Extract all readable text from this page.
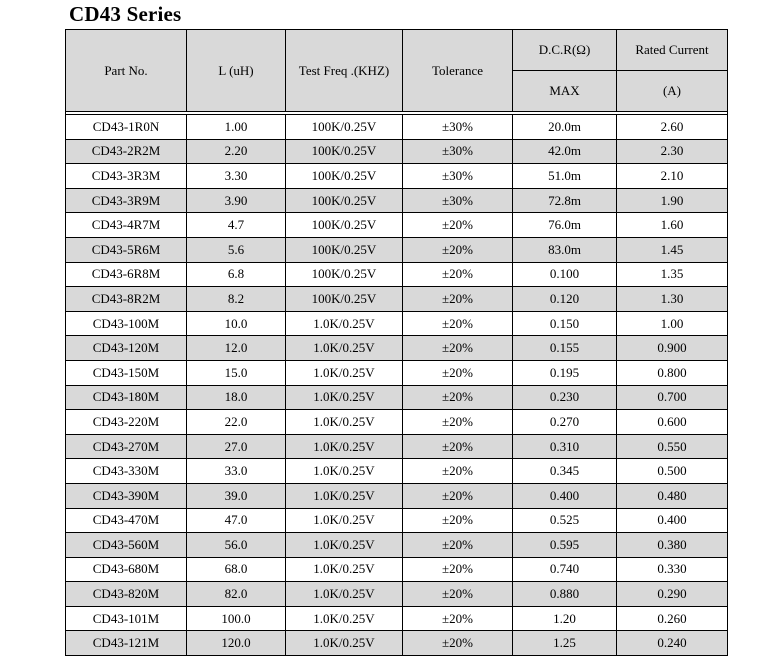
CD43 Series
Part No.	L (uH)	Test Freq .(KHZ)	Tolerance	D.C.R(Ω)	Rated Current
				MAX	(A)

CD43-1R0N	1.00	100K/0.25V	±30%	20.0m	2.60
CD43-2R2M	2.20	100K/0.25V	±30%	42.0m	2.30
CD43-3R3M	3.30	100K/0.25V	±30%	51.0m	2.10
CD43-3R9M	3.90	100K/0.25V	±30%	72.8m	1.90
CD43-4R7M	4.7	100K/0.25V	±20%	76.0m	1.60
CD43-5R6M	5.6	100K/0.25V	±20%	83.0m	1.45
CD43-6R8M	6.8	100K/0.25V	±20%	0.100	1.35
CD43-8R2M	8.2	100K/0.25V	±20%	0.120	1.30
CD43-100M	10.0	1.0K/0.25V	±20%	0.150	1.00
CD43-120M	12.0	1.0K/0.25V	±20%	0.155	0.900
CD43-150M	15.0	1.0K/0.25V	±20%	0.195	0.800
CD43-180M	18.0	1.0K/0.25V	±20%	0.230	0.700
CD43-220M	22.0	1.0K/0.25V	±20%	0.270	0.600
CD43-270M	27.0	1.0K/0.25V	±20%	0.310	0.550
CD43-330M	33.0	1.0K/0.25V	±20%	0.345	0.500
CD43-390M	39.0	1.0K/0.25V	±20%	0.400	0.480
CD43-470M	47.0	1.0K/0.25V	±20%	0.525	0.400
CD43-560M	56.0	1.0K/0.25V	±20%	0.595	0.380
CD43-680M	68.0	1.0K/0.25V	±20%	0.740	0.330
CD43-820M	82.0	1.0K/0.25V	±20%	0.880	0.290
CD43-101M	100.0	1.0K/0.25V	±20%	1.20	0.260
CD43-121M	120.0	1.0K/0.25V	±20%	1.25	0.240
